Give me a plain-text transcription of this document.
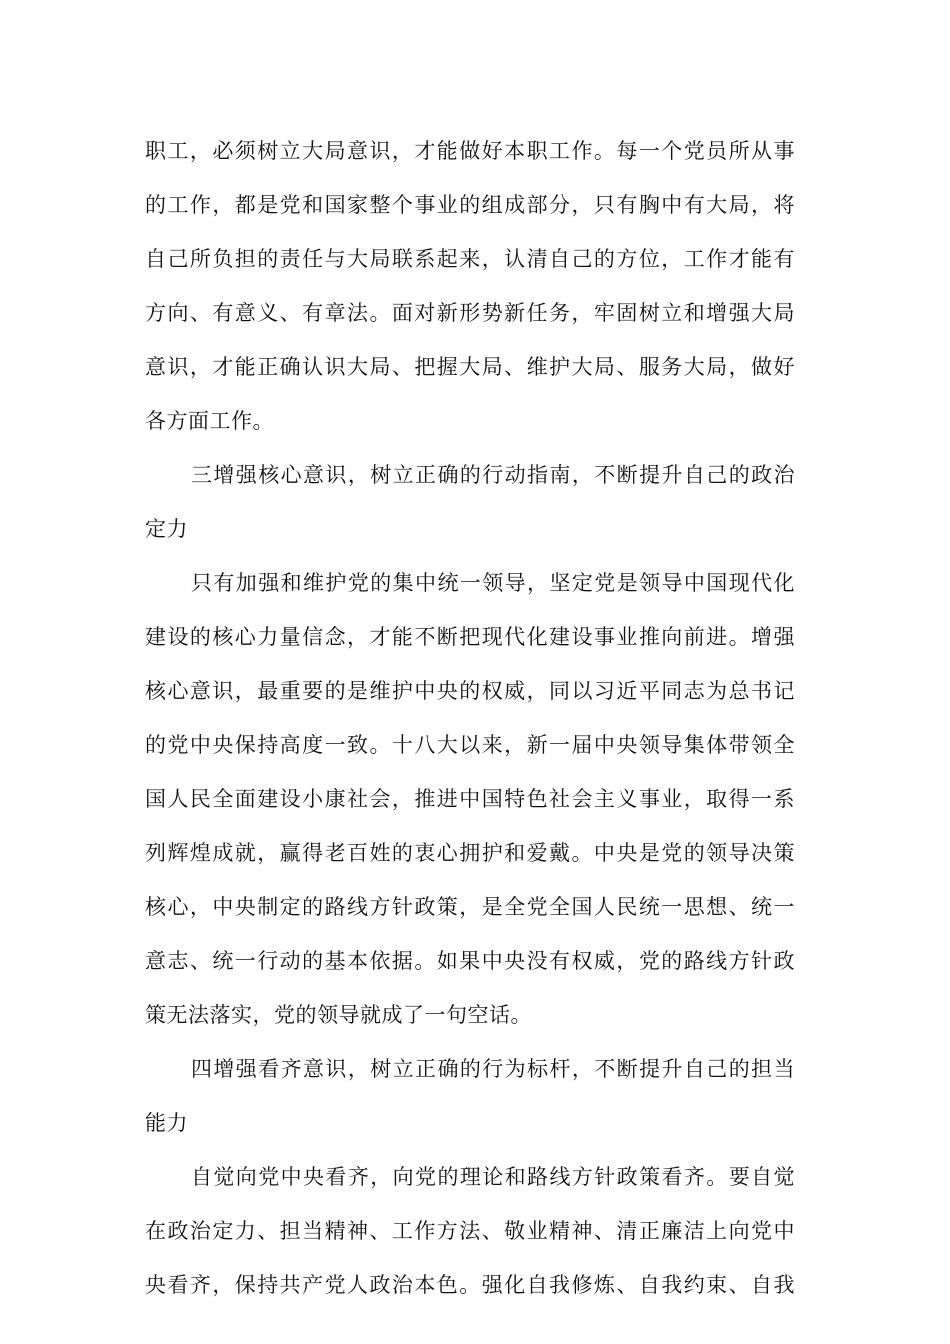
职工，必须树立大局意识，才能做好本职工作。每一个党员所从事
的工作，都是党和国家整个事业的组成部分，只有胸中有大局，将
自己所负担的责任与大局联系起来，认清自己的方位，工作才能有
方向、有意义、有章法。面对新形势新任务，牢固树立和增强大局
意识，才能正确认识大局、把握大局、维护大局、服务大局，做好
各方面工作。
三增强核心意识，树立正确的行动指南，不断提升自己的政治
定力
只有加强和维护党的集中统一领导，坚定党是领导中国现代化
建设的核心力量信念，才能不断把现代化建设事业推向前进。增强
核心意识，最重要的是维护中央的权威，同以习近平同志为总书记
的党中央保持高度一致。十八大以来，新一届中央领导集体带领全
国人民全面建设小康社会，推进中国特色社会主义事业，取得一系
列辉煌成就，赢得老百姓的衷心拥护和爱戴。中央是党的领导决策
核心，中央制定的路线方针政策，是全党全国人民统一思想、统一
意志、统一行动的基本依据。如果中央没有权威，党的路线方针政
策无法落实，党的领导就成了一句空话。
四增强看齐意识，树立正确的行为标杆，不断提升自己的担当
能力
自觉向党中央看齐，向党的理论和路线方针政策看齐。要自觉
在政治定力、担当精神、工作方法、敬业精神、清正廉洁上向党中
央看齐，保持共产党人政治本色。强化自我修炼、自我约束、自我
